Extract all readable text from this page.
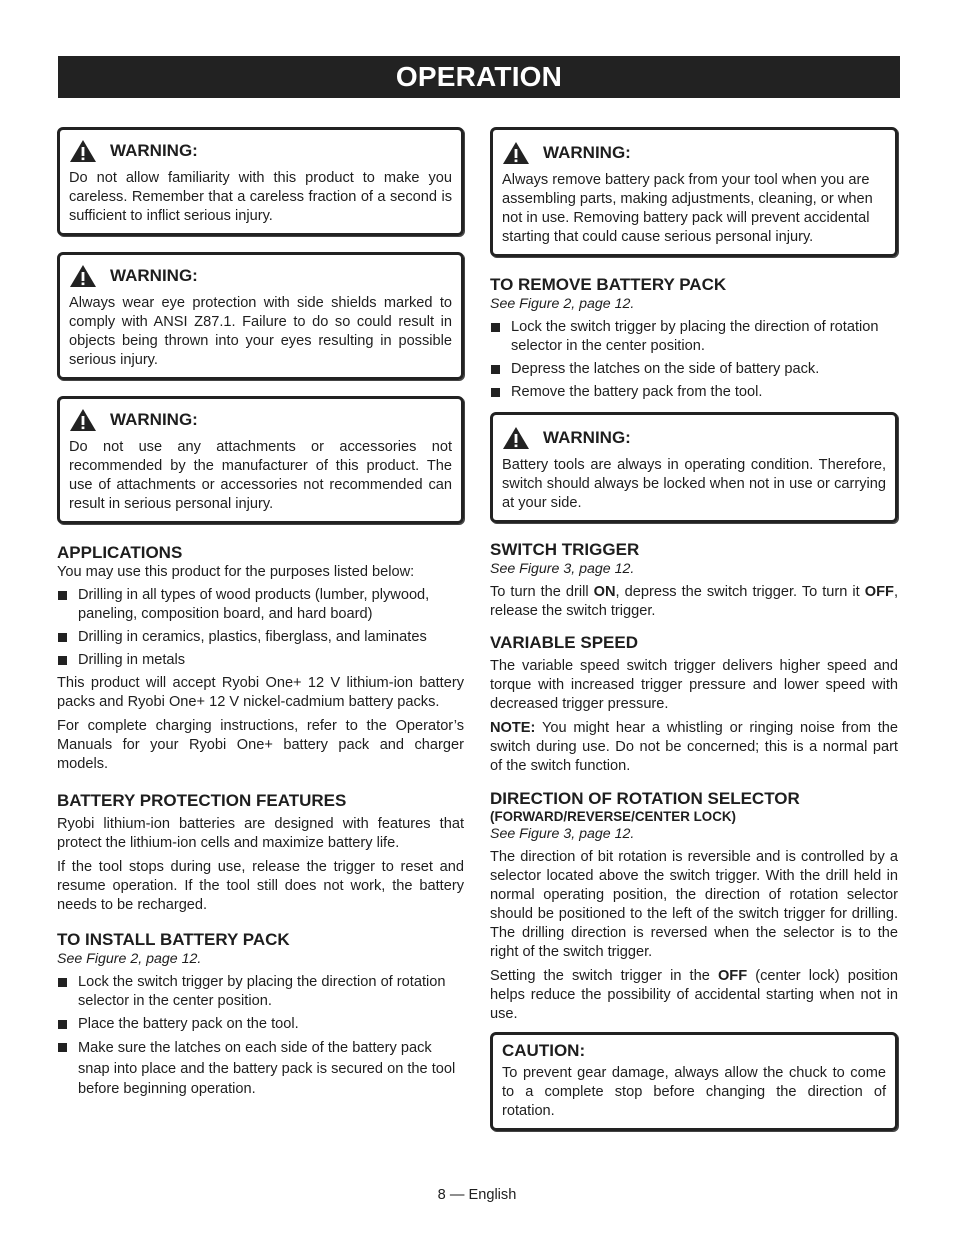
OPERATION
WARNING:
Do not allow familiarity with this product to make you careless. Remember that a careless fraction of a second is sufficient to inflict serious injury.
WARNING:
Always wear eye protection with side shields marked to comply with ANSI Z87.1. Failure to do so could result in objects being thrown into your eyes resulting in possible serious injury.
WARNING:
Do not use any attachments or accessories not recommended by the manufacturer of this product. The use of attachments or accessories not recommended can result in serious personal injury.
APPLICATIONS

You may use this product for the purposes listed below:

Drilling in all types of wood products (lumber, plywood, paneling, composition board, and hard board)
Drilling in ceramics, plastics, fiberglass, and laminates
Drilling in metals

This product will accept Ryobi One+ 12 V lithium-ion battery packs and Ryobi One+ 12 V nickel-cadmium battery packs.

For complete charging instructions, refer to the Operator’s Manuals for your Ryobi One+ battery pack and charger models.

BATTERY PROTECTION FEATURES

Ryobi lithium-ion batteries are designed with features that protect the lithium-ion cells and maximize battery life.

If the tool stops during use, release the trigger to reset and resume operation. If the tool still does not work, the battery needs to be recharged.

TO INSTALL BATTERY PACK

See Figure 2, page 12.

Lock the switch trigger by placing the direction of rotation selector in the center position.
Place the battery pack on the tool.
Make sure the latches on each side of the battery pack snap into place and the battery pack is secured on the tool before beginning operation.
WARNING:
Always remove battery pack from your tool when you are assembling parts, making adjustments, cleaning, or when not in use. Removing battery pack will prevent accidental starting that could cause serious personal injury.
TO REMOVE BATTERY PACK

See Figure 2, page 12.

Lock the switch trigger by placing the direction of rotation selector in the center position.
Depress the latches on the side of battery pack.
Remove the battery pack from the tool.
WARNING:
Battery tools are always in operating condition. Therefore, switch should always be locked when not in use or carrying at your side.
SWITCH TRIGGER

See Figure 3, page 12.

To turn the drill ON, depress the switch trigger. To turn it OFF, release the switch trigger.

VARIABLE SPEED

The variable speed switch trigger delivers higher speed and torque with increased trigger pressure and lower speed with decreased trigger pressure.

NOTE: You might hear a whistling or ringing noise from the switch during use. Do not be concerned; this is a normal part of the switch function.

DIRECTION OF ROTATION SELECTOR
(FORWARD/REVERSE/CENTER LOCK)

See Figure 3, page 12.

The direction of bit rotation is reversible and is controlled by a selector located above the switch trigger. With the drill held in normal operating position, the direction of rotation selector should be positioned to the left of the switch trigger for drilling. The drilling direction is reversed when the selector is to the right of the switch trigger.

Setting the switch trigger in the OFF (center lock) position helps reduce the possibility of accidental starting when not in use.

CAUTION:
To prevent gear damage, always allow the chuck to come to a complete stop before changing the direction of rotation.
8 — English
